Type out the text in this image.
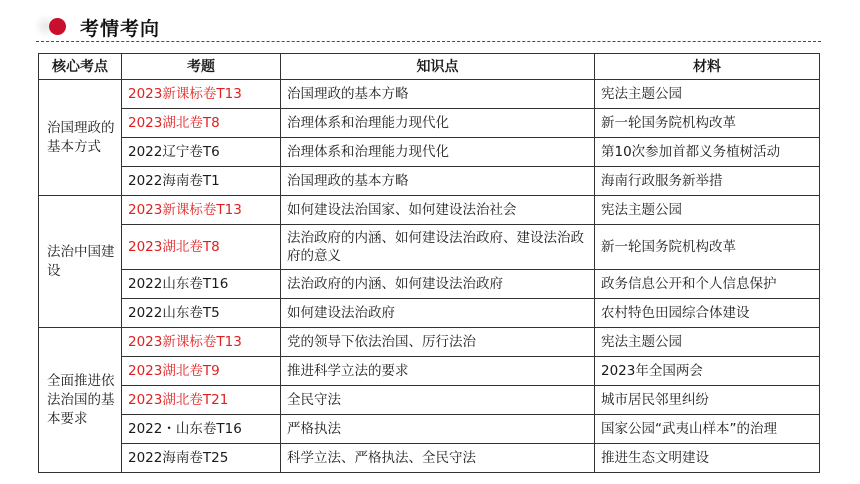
考情考向
核心考点	考题	知识点	材料
治国理政的基本方式	2023新课标卷T13	治国理政的基本方略	宪法主题公园
	2023湖北卷T8	治理体系和治理能力现代化	新一轮国务院机构改革
	2022辽宁卷T6	治理体系和治理能力现代化	第10次参加首都义务植树活动
	2022海南卷T1	治国理政的基本方略	海南行政服务新举措
法治中国建设	2023新课标卷T13	如何建设法治国家、如何建设法治社会	宪法主题公园
	2023湖北卷T8	法治政府的内涵、如何建设法治政府、建设法治政府的意义	新一轮国务院机构改革
	2022山东卷T16	法治政府的内涵、如何建设法治政府	政务信息公开和个人信息保护
	2022山东卷T5	如何建设法治政府	农村特色田园综合体建设
全面推进依法治国的基本要求	2023新课标卷T13	党的领导下依法治国、厉行法治	宪法主题公园
	2023湖北卷T9	推进科学立法的要求	2023年全国两会
	2023湖北卷T21	全民守法	城市居民邻里纠纷
	2022・山东卷T16	严格执法	国家公园“武夷山样本”的治理
	2022海南卷T25	科学立法、严格执法、全民守法	推进生态文明建设
